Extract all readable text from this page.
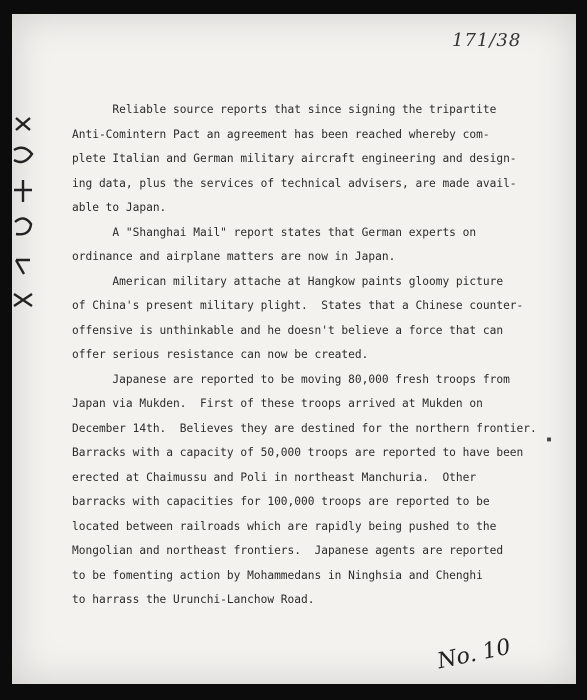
171/38

Reliable source reports that since signing the tripartite
Anti-Comintern Pact an agreement has been reached whereby com-
plete Italian and German military aircraft engineering and design-
ing data, plus the services of technical advisers, are made avail-
able to Japan.

A "Shanghai Mail" report states that German experts on
ordinance and airplane matters are now in Japan.

American military attache at Hangkow paints gloomy picture
of China's present military plight.  States that a Chinese counter-
offensive is unthinkable and he doesn't believe a force that can
offer serious resistance can now be created.

Japanese are reported to be moving 80,000 fresh troops from
Japan via Mukden.  First of these troops arrived at Mukden on
December 14th.  Believes they are destined for the northern frontier.
Barracks with a capacity of 50,000 troops are reported to have been
erected at Chaimussu and Poli in northeast Manchuria.  Other
barracks with capacities for 100,000 troops are reported to be
located between railroads which are rapidly being pushed to the
Mongolian and northeast frontiers.  Japanese agents are reported
to be fomenting action by Mohammedans in Ninghsia and Chenghi
to harrass the Urunchi-Lanchow Road.

No. 10
▪
